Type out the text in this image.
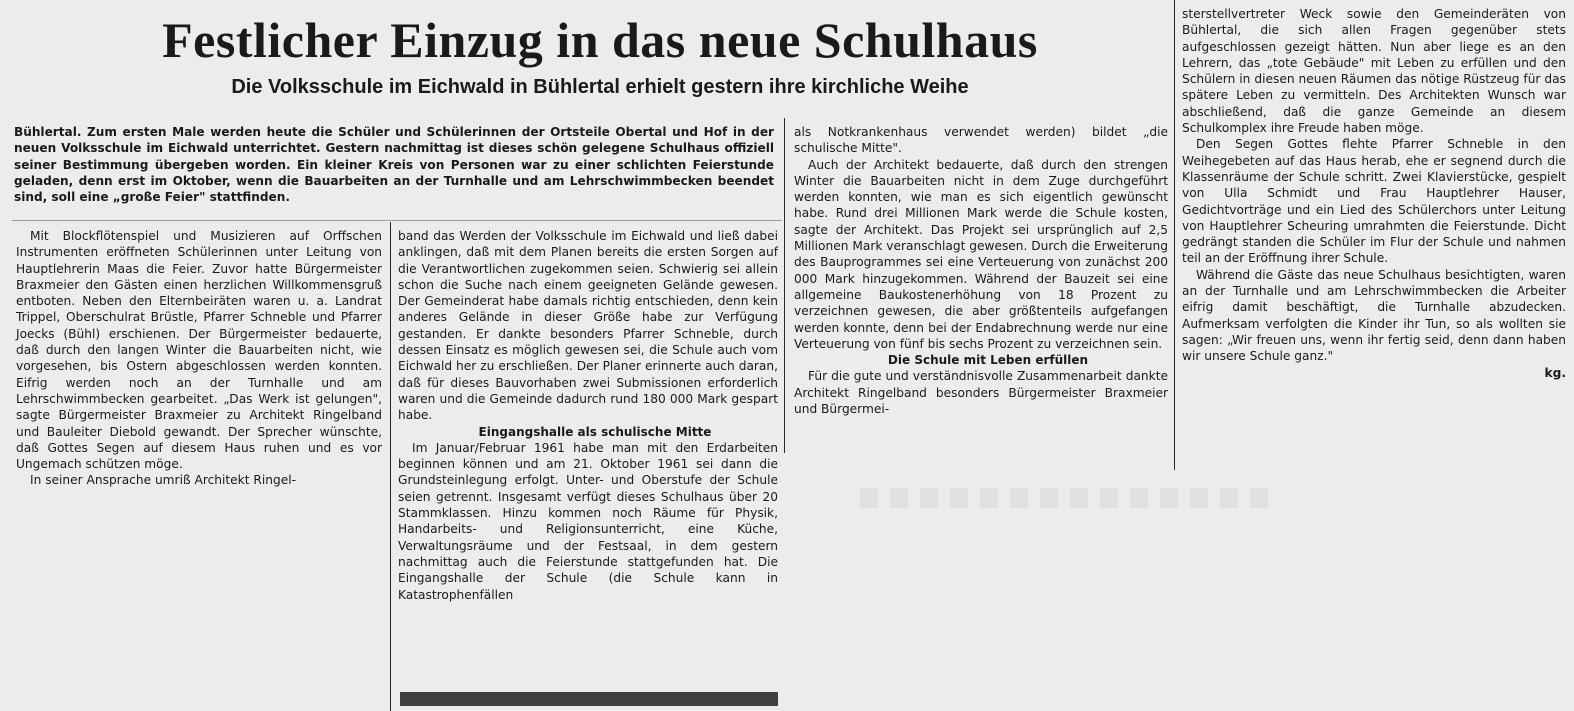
Festlicher Einzug in das neue Schulhaus
Die Volksschule im Eichwald in Bühlertal erhielt gestern ihre kirchliche Weihe

Bühlertal. Zum ersten Male werden heute die Schüler und Schülerinnen der Ortsteile Obertal und Hof in der neuen Volksschule im Eichwald unterrichtet. Gestern nachmittag ist dieses schön gelegene Schulhaus offiziell seiner Bestimmung übergeben worden. Ein kleiner Kreis von Personen war zu einer schlichten Feierstunde geladen, denn erst im Oktober, wenn die Bauarbeiten an der Turnhalle und am Lehrschwimmbecken beendet sind, soll eine „große Feier" stattfinden.

Mit Blockflötenspiel und Musizieren auf Orffschen Instrumenten eröffneten Schülerinnen unter Leitung von Hauptlehrerin Maas die Feier. Zuvor hatte Bürgermeister Braxmeier den Gästen einen herzlichen Willkommensgruß entboten. Neben den Elternbeiräten waren u. a. Landrat Trippel, Oberschulrat Brüstle, Pfarrer Schneble und Pfarrer Joecks (Bühl) erschienen. Der Bürgermeister bedauerte, daß durch den langen Winter die Bauarbeiten nicht, wie vorgesehen, bis Ostern abgeschlossen werden konnten. Eifrig werden noch an der Turnhalle und am Lehrschwimmbecken gearbeitet. „Das Werk ist gelungen", sagte Bürgermeister Braxmeier zu Architekt Ringelband und Bauleiter Diebold gewandt. Der Sprecher wünschte, daß Gottes Segen auf diesem Haus ruhen und es vor Ungemach schützen möge.

In seiner Ansprache umriß Architekt Ringel-

band das Werden der Volksschule im Eichwald und ließ dabei anklingen, daß mit dem Planen bereits die ersten Sorgen auf die Verantwortlichen zugekommen seien. Schwierig sei allein schon die Suche nach einem geeigneten Gelände gewesen. Der Gemeinderat habe damals richtig entschieden, denn kein anderes Gelände in dieser Größe habe zur Verfügung gestanden. Er dankte besonders Pfarrer Schneble, durch dessen Einsatz es möglich gewesen sei, die Schule auch vom Eichwald her zu erschließen. Der Planer erinnerte auch daran, daß für dieses Bauvorhaben zwei Submissionen erforderlich waren und die Gemeinde dadurch rund 180 000 Mark gespart habe.

Eingangshalle als schulische Mitte

Im Januar/Februar 1961 habe man mit den Erdarbeiten beginnen können und am 21. Oktober 1961 sei dann die Grundsteinlegung erfolgt. Unter- und Oberstufe der Schule seien getrennt. Insgesamt verfügt dieses Schulhaus über 20 Stammklassen. Hinzu kommen noch Räume für Physik, Handarbeits- und Religionsunterricht, eine Küche, Verwaltungsräume und der Festsaal, in dem gestern nachmittag auch die Feierstunde stattgefunden hat. Die Eingangshalle der Schule (die Schule kann in Katastrophenfällen

als Notkrankenhaus verwendet werden) bildet „die schulische Mitte".

Auch der Architekt bedauerte, daß durch den strengen Winter die Bauarbeiten nicht in dem Zuge durchgeführt werden konnten, wie man es sich eigentlich gewünscht habe. Rund drei Millionen Mark werde die Schule kosten, sagte der Architekt. Das Projekt sei ursprünglich auf 2,5 Millionen Mark veranschlagt gewesen. Durch die Erweiterung des Bauprogrammes sei eine Verteuerung von zunächst 200 000 Mark hinzugekommen. Während der Bauzeit sei eine allgemeine Baukostenerhöhung von 18 Prozent zu verzeichnen gewesen, die aber größtenteils aufgefangen werden konnte, denn bei der Endabrechnung werde nur eine Verteuerung von fünf bis sechs Prozent zu verzeichnen sein.

Die Schule mit Leben erfüllen

Für die gute und verständnisvolle Zusammenarbeit dankte Architekt Ringelband besonders Bürgermeister Braxmeier und Bürgermei-

sterstellvertreter Weck sowie den Gemeinderäten von Bühlertal, die sich allen Fragen gegenüber stets aufgeschlossen gezeigt hätten. Nun aber liege es an den Lehrern, das „tote Gebäude" mit Leben zu erfüllen und den Schülern in diesen neuen Räumen das nötige Rüstzeug für das spätere Leben zu vermitteln. Des Architekten Wunsch war abschließend, daß die ganze Gemeinde an diesem Schulkomplex ihre Freude haben möge.

Den Segen Gottes flehte Pfarrer Schneble in den Weihegebeten auf das Haus herab, ehe er segnend durch die Klassenräume der Schule schritt. Zwei Klavierstücke, gespielt von Ulla Schmidt und Frau Hauptlehrer Hauser, Gedichtvorträge und ein Lied des Schülerchors unter Leitung von Hauptlehrer Scheuring umrahmten die Feierstunde. Dicht gedrängt standen die Schüler im Flur der Schule und nahmen teil an der Eröffnung ihrer Schule.

Während die Gäste das neue Schulhaus besichtigten, waren an der Turnhalle und am Lehrschwimmbecken die Arbeiter eifrig damit beschäftigt, die Turnhalle abzudecken. Aufmerksam verfolgten die Kinder ihr Tun, so als wollten sie sagen: „Wir freuen uns, wenn ihr fertig seid, denn dann haben wir unsere Schule ganz."

kg.
